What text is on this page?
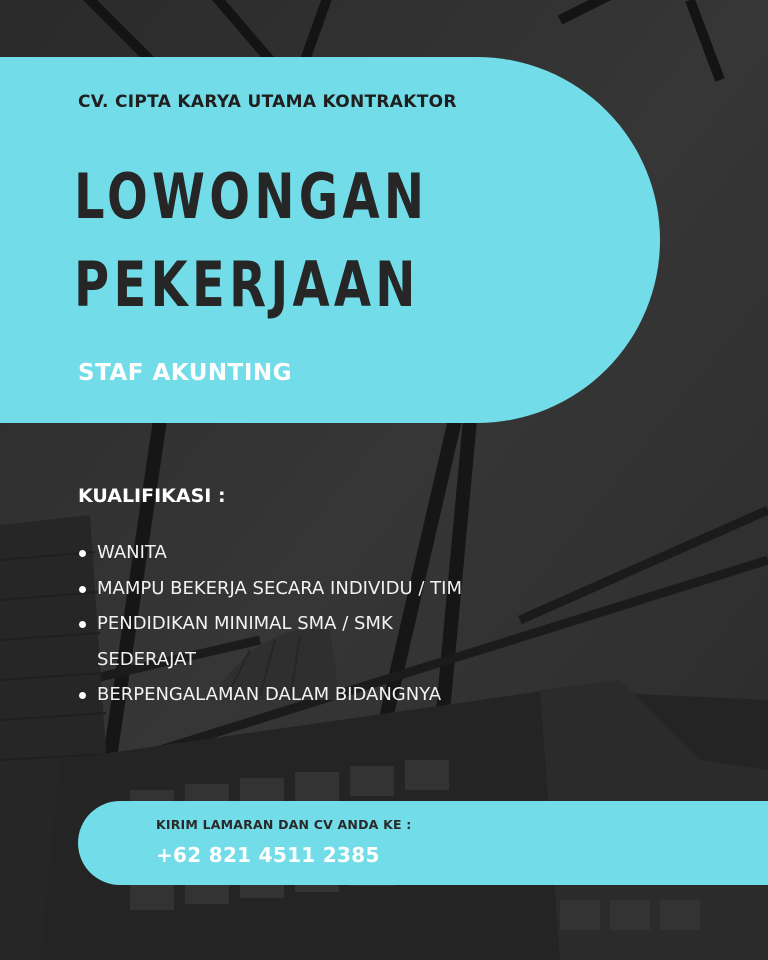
CV. CIPTA KARYA UTAMA KONTRAKTOR
LOWONGAN
PEKERJAAN
STAF AKUNTING
KUALIFIKASI :
WANITA
MAMPU BEKERJA SECARA INDIVIDU / TIM
PENDIDIKAN MINIMAL SMA / SMK
SEDERAJAT
BERPENGALAMAN DALAM BIDANGNYA
KIRIM LAMARAN DAN CV ANDA KE :
+62 821 4511 2385
